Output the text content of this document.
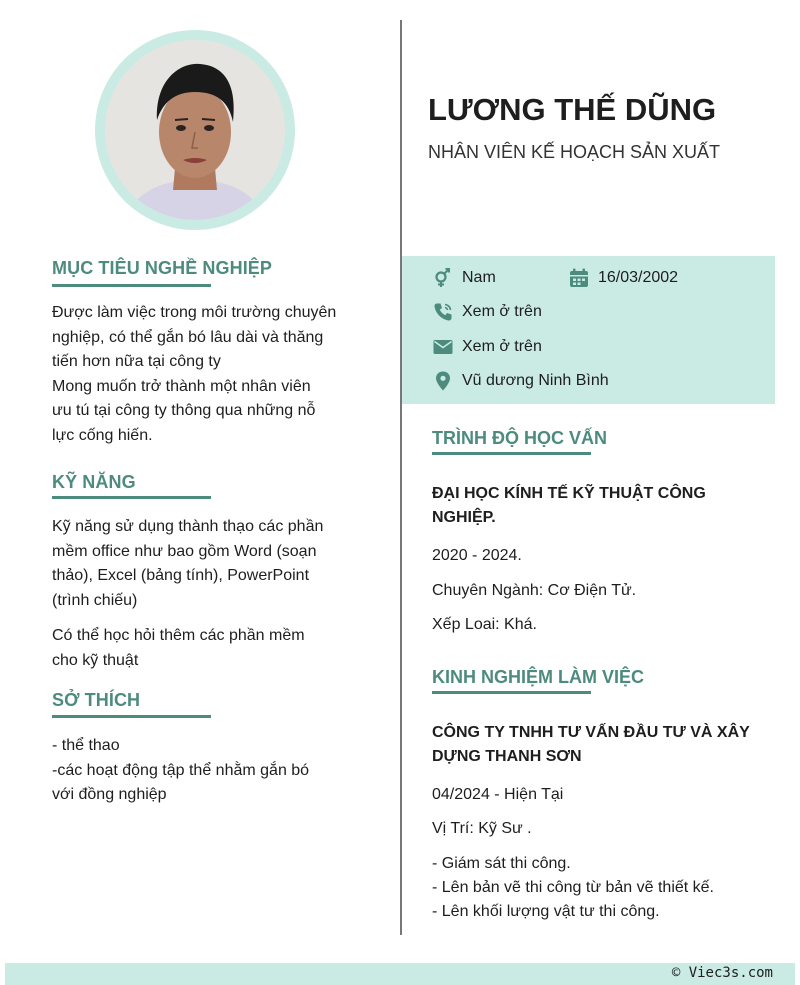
MỤC TIÊU NGHỀ NGHIỆP
Được làm việc trong môi trường chuyên
nghiệp, có thể gắn bó lâu dài và thăng
tiến hơn nữa tại công ty
Mong muốn trở thành một nhân viên
ưu tú tại công ty thông qua những nỗ
lực cống hiến.
KỸ NĂNG
Kỹ năng sử dụng thành thạo các phần
mềm office như bao gồm Word (soạn
thảo), Excel (bảng tính), PowerPoint
(trình chiếu)
Có thể học hỏi thêm các phần mềm
cho kỹ thuật
SỞ THÍCH
- thể thao
-các hoạt động tập thể nhằm gắn bó
với đồng nghiệp
LƯƠNG THẾ DŨNG
NHÂN VIÊN KẾ HOẠCH SẢN XUẤT
Nam	16/03/2002
Xem ở trên
Xem ở trên
Vũ dương Ninh Bình
TRÌNH ĐỘ HỌC VẤN
ĐẠI HỌC KÍNH TẾ KỸ THUẬT CÔNG
NGHIỆP.
2020 - 2024.
Chuyên Ngành: Cơ Điện Tử.
Xếp Loai: Khá.
KINH NGHIỆM LÀM VIỆC
CÔNG TY TNHH TƯ VẤN ĐẦU TƯ VÀ XÂY
DỰNG THANH SƠN
04/2024 - Hiện Tại
Vị Trí: Kỹ Sư .
- Giám sát thi công.
- Lên bản vẽ thi công từ bản vẽ thiết kế.
- Lên khối lượng vật tư thi công.
© Viec3s.com
